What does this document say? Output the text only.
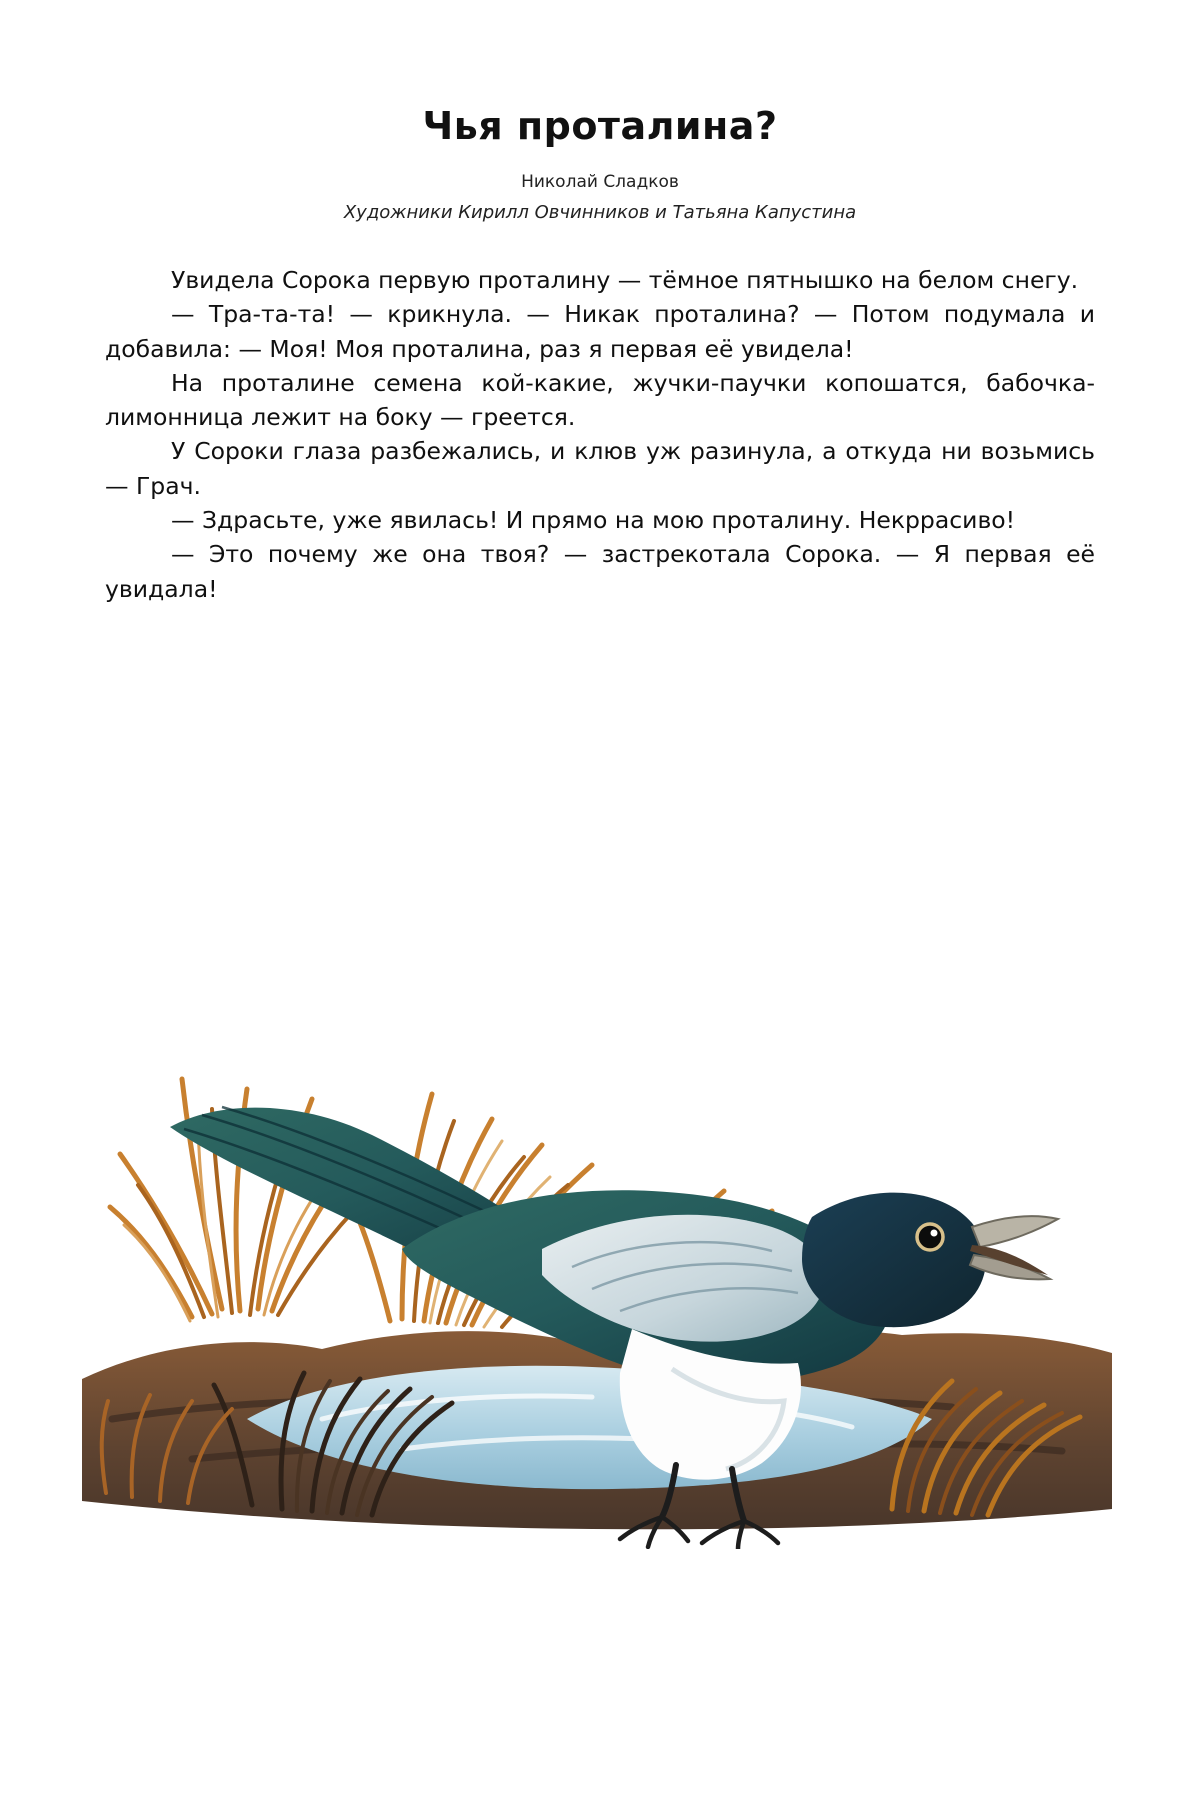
Чья проталина?
Николай Сладков
Художники Кирилл Овчинников и Татьяна Капустина

Увидела Сорока первую проталину — тёмное пятнышко на белом снегу.

— Тра-та-та! — крикнула. — Никак проталина? — Потом подумала и добавила: — Моя! Моя проталина, раз я первая её увидела!

На проталине семена кой-какие, жучки-паучки копошатся, бабочка-лимонница лежит на боку — греется.

У Сороки глаза разбежались, и клюв уж разинула, а откуда ни возьмись — Грач.

— Здрасьте, уже явилась! И прямо на мою проталину. Некррасиво!

— Это почему же она твоя? — застрекотала Сорока. — Я первая её увидала!
